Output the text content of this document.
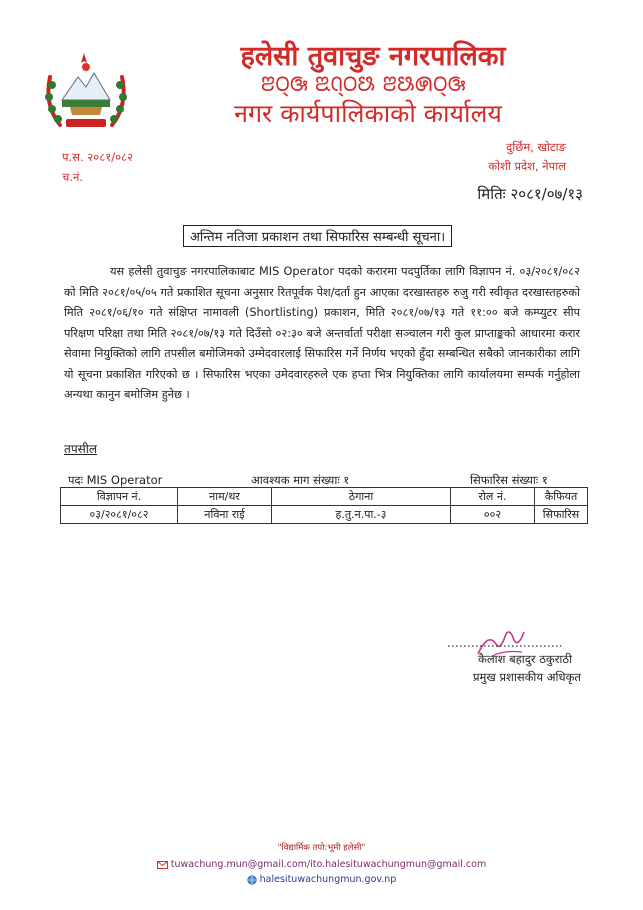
हलेसी तुवाचुङ नगरपालिका
ꢂꢝ꣄ꢑ ꢃꢡ꣄ꢝꢕ ꢂꢕꢍꢝ꣄ꢑ
नगर कार्यपालिकाको कार्यालय
प.स. २०८१/०८२
च.नं.
दुर्छिम, खोटाङ
कोशी प्रदेश, नेपाल
मितिः २०८१/०७/१३
अन्तिम नतिजा प्रकाशन तथा सिफारिस सम्बन्धी सूचना।

यस हलेसी तुवाचुङ नगरपालिकाबाट MIS Operator पदको करारमा पदपुर्तिका लागि विज्ञापन नं. ०३/२०८१/०८२ को मिति २०८१/०५/०५ गते प्रकाशित सूचना अनुसार रितपूर्वक पेश/दर्ता हुन आएका दरखास्तहरु रुजु गरी स्वीकृत दरखास्तहरुको मिति २०८१/०६/१० गते संक्षिप्त नामावली (Shortlisting) प्रकाशन, मिति २०८१/०७/१३ गते ११:०० बजे कम्प्युटर सीप परिक्षण परिक्षा तथा मिति २०८१/०७/१३ गते दिउँसो ०२:३० बजे अन्तर्वार्ता परीक्षा सञ्चालन गरी कुल प्राप्ताङ्कको आधारमा करार सेवामा नियुक्तिको लागि तपसील बमोजिमको उम्मेदवारलाई सिफारिस गर्ने निर्णय भएको हुँदा सम्बन्धित सबैको जानकारीका लागि यो सूचना प्रकाशित गरिएको छ । सिफारिस भएका उमेदवारहरुले एक हप्ता भित्र नियुक्तिका लागि कार्यालयमा सम्पर्क गर्नुहोला अन्यथा कानुन बमोजिम हुनेछ ।

तपसील
पदः MIS Operator	आवश्यक माग संख्याः १	सिफारिस संख्याः १
विज्ञापन नं.	नाम/थर	ठेगाना	रोल नं.	कैफियत
०३/२०८१/०८२	नविना राई	ह.तु.न.पा.-३	००२	सिफारिस
कैलाश बहादुर ठकुराठी
प्रमुख प्रशासकीय अधिकृत
"विद्यार्मिक तपो:भूमी हलेसी"
tuwachung.mun@gmail.com/ito.halesituwachungmun@gmail.com
halesituwachungmun.gov.np
